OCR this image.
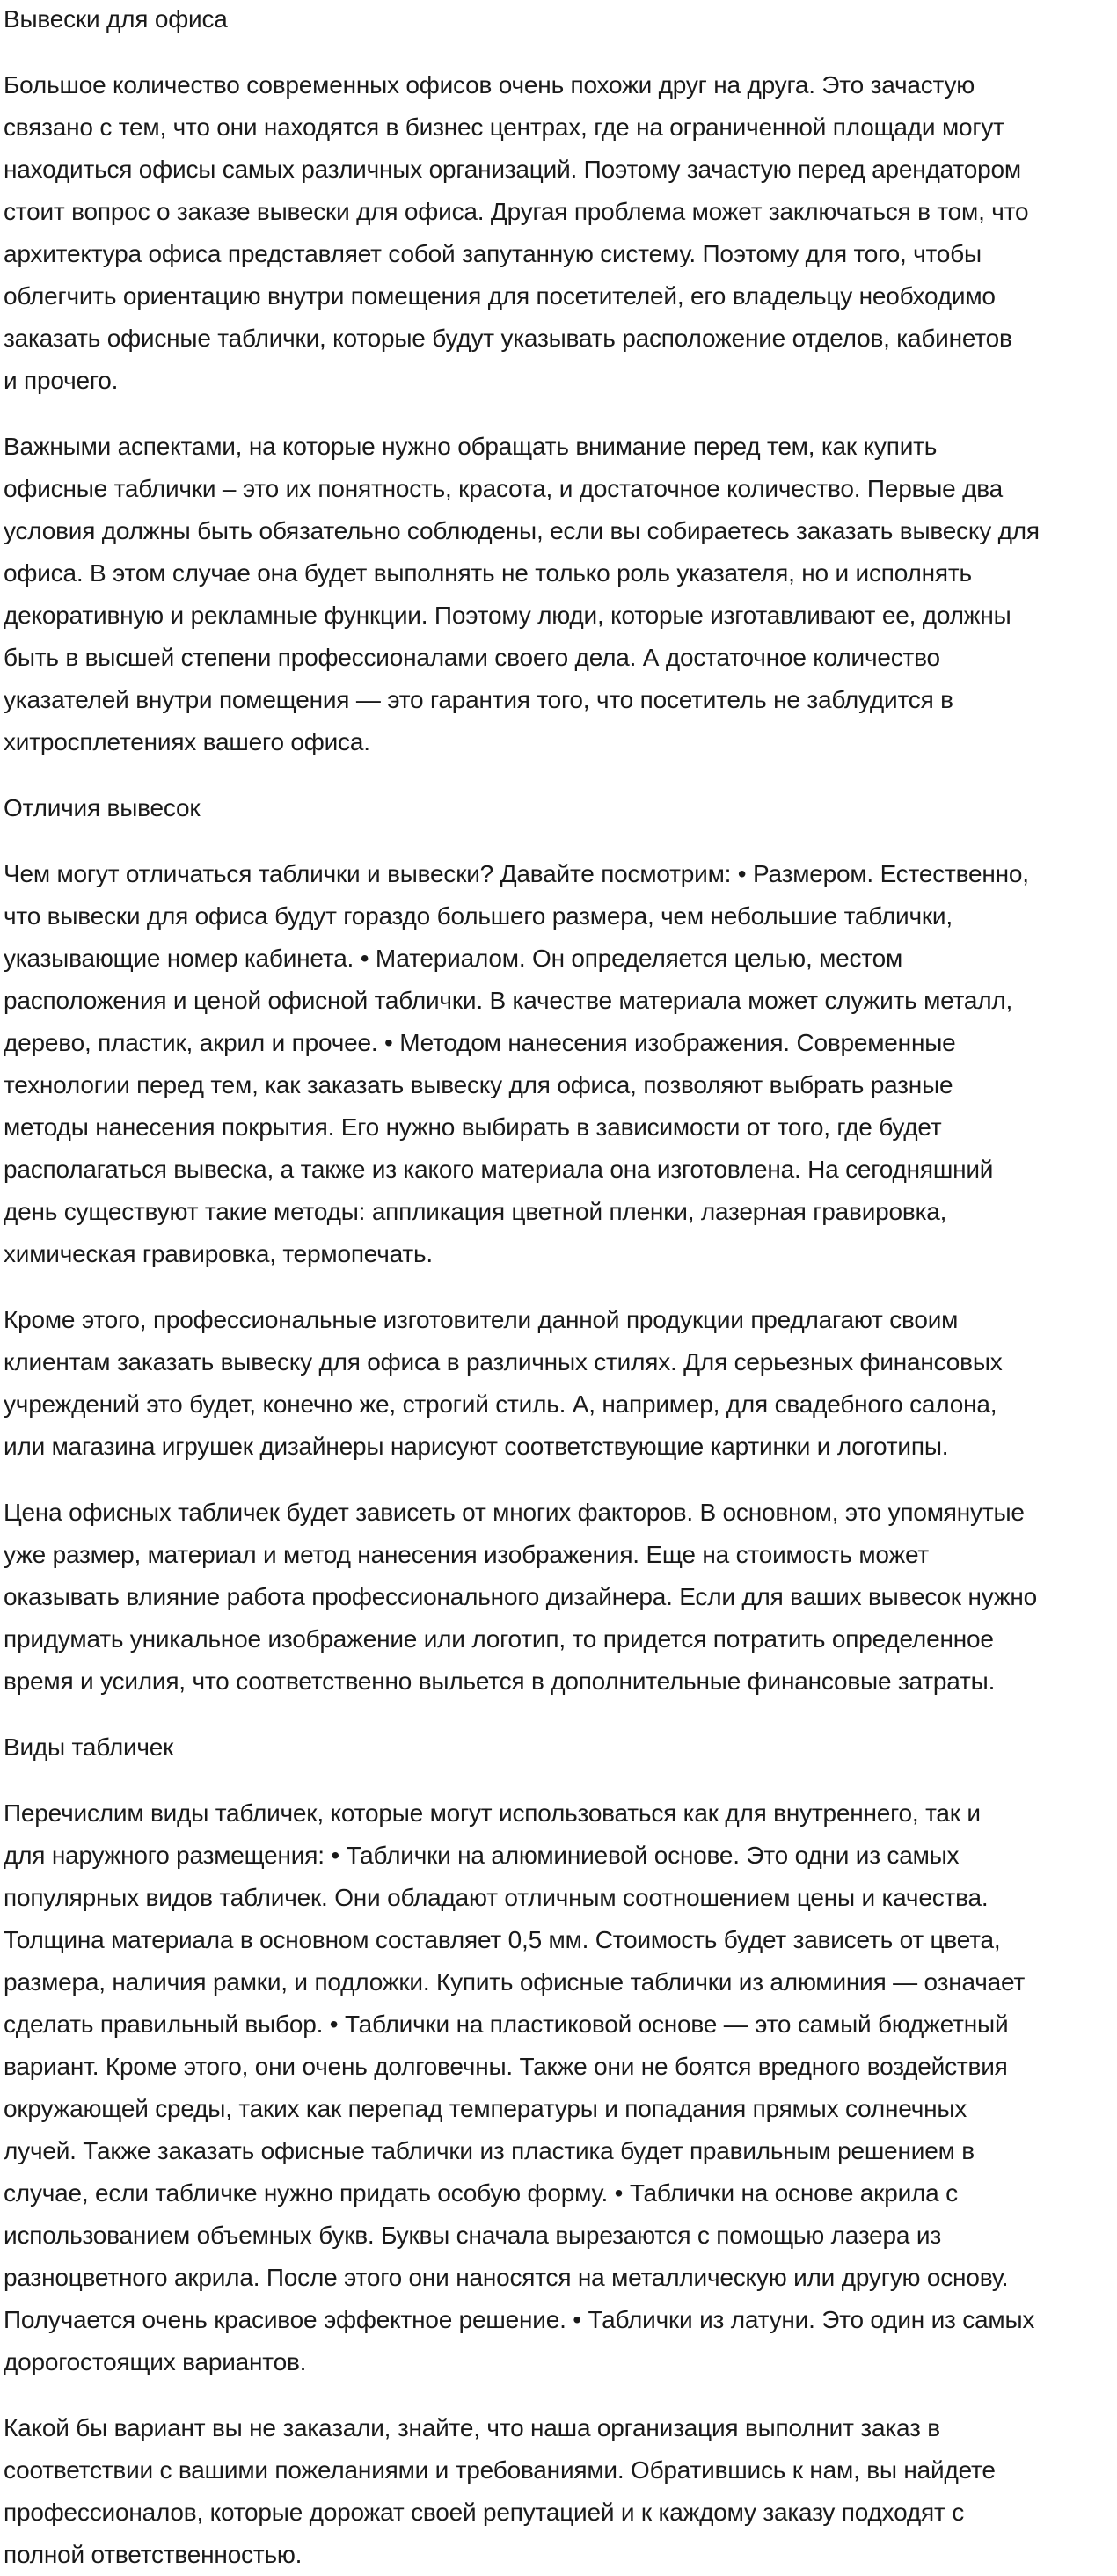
Вывески для офиса
Большое количество современных офисов очень похожи друг на друга. Это зачастую
связано с тем, что они находятся в бизнес центрах, где на ограниченной площади могут
находиться офисы самых различных организаций. Поэтому зачастую перед арендатором
стоит вопрос о заказе вывески для офиса. Другая проблема может заключаться в том, что
архитектура офиса представляет собой запутанную систему. Поэтому для того, чтобы
облегчить ориентацию внутри помещения для посетителей, его владельцу необходимо
заказать офисные таблички, которые будут указывать расположение отделов, кабинетов
и прочего.
Важными аспектами, на которые нужно обращать внимание перед тем, как купить
офисные таблички – это их понятность, красота, и достаточное количество. Первые два
условия должны быть обязательно соблюдены, если вы собираетесь заказать вывеску для
офиса. В этом случае она будет выполнять не только роль указателя, но и исполнять
декоративную и рекламные функции. Поэтому люди, которые изготавливают ее, должны
быть в высшей степени профессионалами своего дела. А достаточное количество
указателей внутри помещения — это гарантия того, что посетитель не заблудится в
хитросплетениях вашего офиса.
Отличия вывесок
Чем могут отличаться таблички и вывески? Давайте посмотрим: • Размером. Естественно,
что вывески для офиса будут гораздо большего размера, чем небольшие таблички,
указывающие номер кабинета. • Материалом. Он определяется целью, местом
расположения и ценой офисной таблички. В качестве материала может служить металл,
дерево, пластик, акрил и прочее. • Методом нанесения изображения. Современные
технологии перед тем, как заказать вывеску для офиса, позволяют выбрать разные
методы нанесения покрытия. Его нужно выбирать в зависимости от того, где будет
располагаться вывеска, а также из какого материала она изготовлена. На сегодняшний
день существуют такие методы: аппликация цветной пленки, лазерная гравировка,
химическая гравировка, термопечать.
Кроме этого, профессиональные изготовители данной продукции предлагают своим
клиентам заказать вывеску для офиса в различных стилях. Для серьезных финансовых
учреждений это будет, конечно же, строгий стиль. А, например, для свадебного салона,
или магазина игрушек дизайнеры нарисуют соответствующие картинки и логотипы.
Цена офисных табличек будет зависеть от многих факторов. В основном, это упомянутые
уже размер, материал и метод нанесения изображения. Еще на стоимость может
оказывать влияние работа профессионального дизайнера. Если для ваших вывесок нужно
придумать уникальное изображение или логотип, то придется потратить определенное
время и усилия, что соответственно выльется в дополнительные финансовые затраты.
Виды табличек
Перечислим виды табличек, которые могут использоваться как для внутреннего, так и
для наружного размещения: • Таблички на алюминиевой основе. Это одни из самых
популярных видов табличек. Они обладают отличным соотношением цены и качества.
Толщина материала в основном составляет 0,5 мм. Стоимость будет зависеть от цвета,
размера, наличия рамки, и подложки. Купить офисные таблички из алюминия — означает
сделать правильный выбор. • Таблички на пластиковой основе — это самый бюджетный
вариант. Кроме этого, они очень долговечны. Также они не боятся вредного воздействия
окружающей среды, таких как перепад температуры и попадания прямых солнечных
лучей. Также заказать офисные таблички из пластика будет правильным решением в
случае, если табличке нужно придать особую форму. • Таблички на основе акрила с
использованием объемных букв. Буквы сначала вырезаются с помощью лазера из
разноцветного акрила. После этого они наносятся на металлическую или другую основу.
Получается очень красивое эффектное решение. • Таблички из латуни. Это один из самых
дорогостоящих вариантов.
Какой бы вариант вы не заказали, знайте, что наша организация выполнит заказ в
соответствии с вашими пожеланиями и требованиями. Обратившись к нам, вы найдете
профессионалов, которые дорожат своей репутацией и к каждому заказу подходят с
полной ответственностью.
